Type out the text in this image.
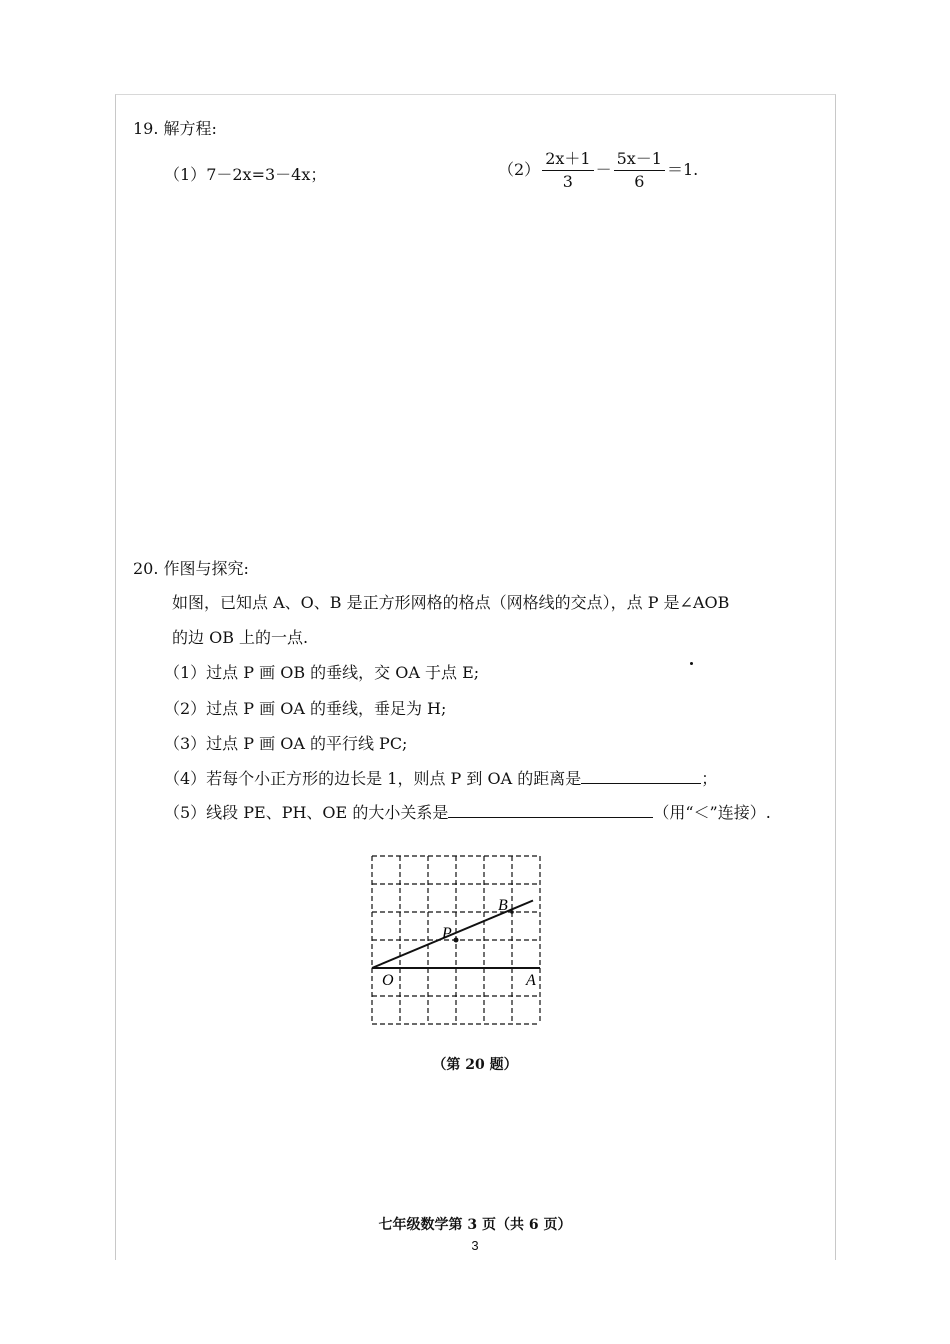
19. 解方程:
（1）7－2x=3－4x；	$(2) \frac{2x+1}{3} - \frac{5x-1}{6} =1$.
20. 作图与探究:
如图，已知点 A、O、B 是正方形网格的格点（网格线的交点），点 P 是∠AOB
的边 OB 上的一点.
（1）过点 P 画 OB 的垂线，交 OA 于点 E;
（2）过点 P 画 OA 的垂线，垂足为 H;
（3）过点 P 画 OA 的平行线 PC;
（4）若每个小正方形的边长是 1，则点 P 到 OA 的距离是	；
（5）线段 PE、PH、OE 的大小关系是	（用“＜”连接）.
O	A
B
P
（第 20 题）
七年级数学第 3 页（共 6 页）
3
